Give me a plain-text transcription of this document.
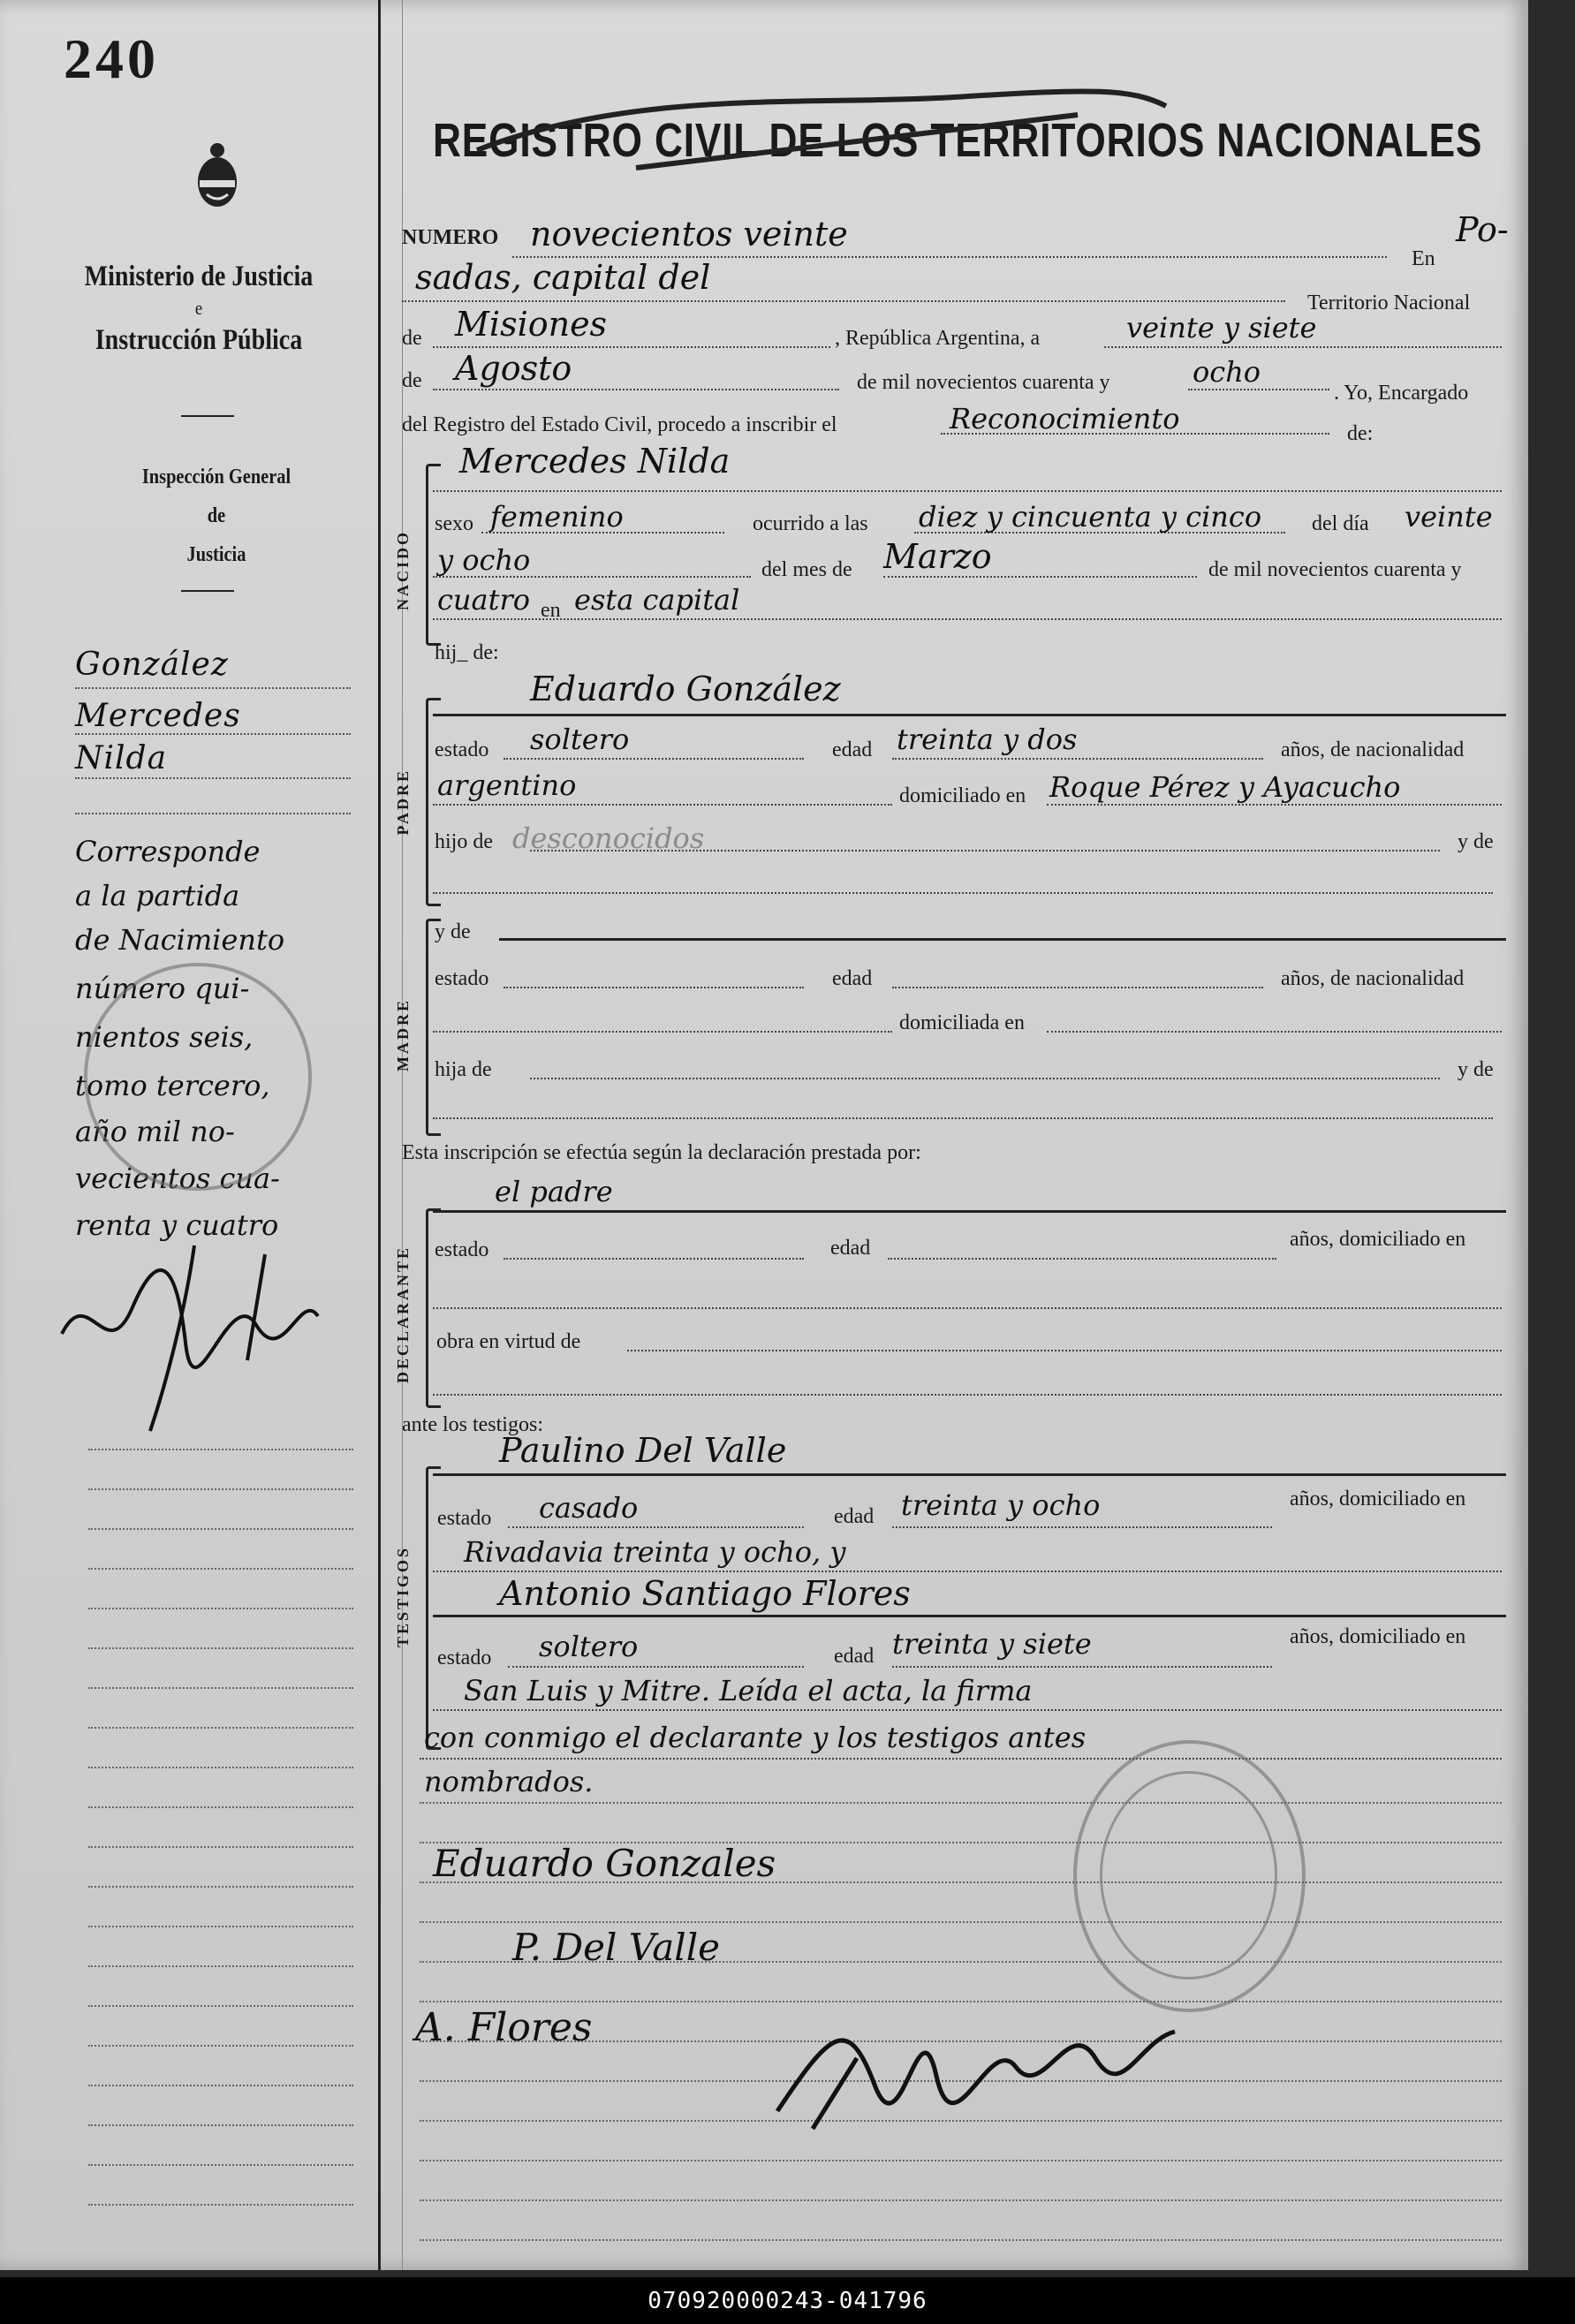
240
Ministerio de Justicia

e
Instrucción Pública
Inspección General
de
Justicia
González
Mercedes
Nilda
Corresponde
a la partida
de Nacimiento
número qui-
nientos seis,
tomo tercero,
año mil no-
vecientos cua-
renta y cuatro
REGISTRO CIVIL DE LOS TERRITORIOS NACIONALES
NUMERO novecientos veinte
En
Po-
sadas, capital del
Territorio Nacional
de Misiones	, República Argentina, a	veinte y siete
de Agosto	de mil novecientos cuarenta y	ocho
. Yo, Encargado
del Registro del Estado Civil, procedo a inscribir el	Reconocimiento	de:
NACIDO
Mercedes Nilda
sexo femenino	ocurrido a las diez y cincuenta y cinco del día veinte
y ocho	del mes de Marzo	de mil novecientos cuarenta y
cuatro en esta capital
hij_ de:
PADRE
Eduardo González
estado soltero	edad treinta y dos	años, de nacionalidad
argentino	domiciliado en Roque Pérez y Ayacucho
hijo de desconocidos	y de
MADRE
y de
estado	edad	años, de nacionalidad
domiciliada en
hija de	y de
Esta inscripción se efectúa según la declaración prestada por:
DECLARANTE
el padre
estado	edad	años, domiciliado en
obra en virtud de
ante los testigos:
TESTIGOS
Paulino Del Valle
estado casado	edad treinta y ocho	años, domiciliado en
Rivadavia treinta y ocho, y
Antonio Santiago Flores
estado soltero	edad treinta y siete	años, domiciliado en
San Luis y Mitre. Leída el acta, la firma
con conmigo el declarante y los testigos antes
nombrados.
Eduardo Gonzales
P. Del Valle
A. Flores
070920000243-041796
